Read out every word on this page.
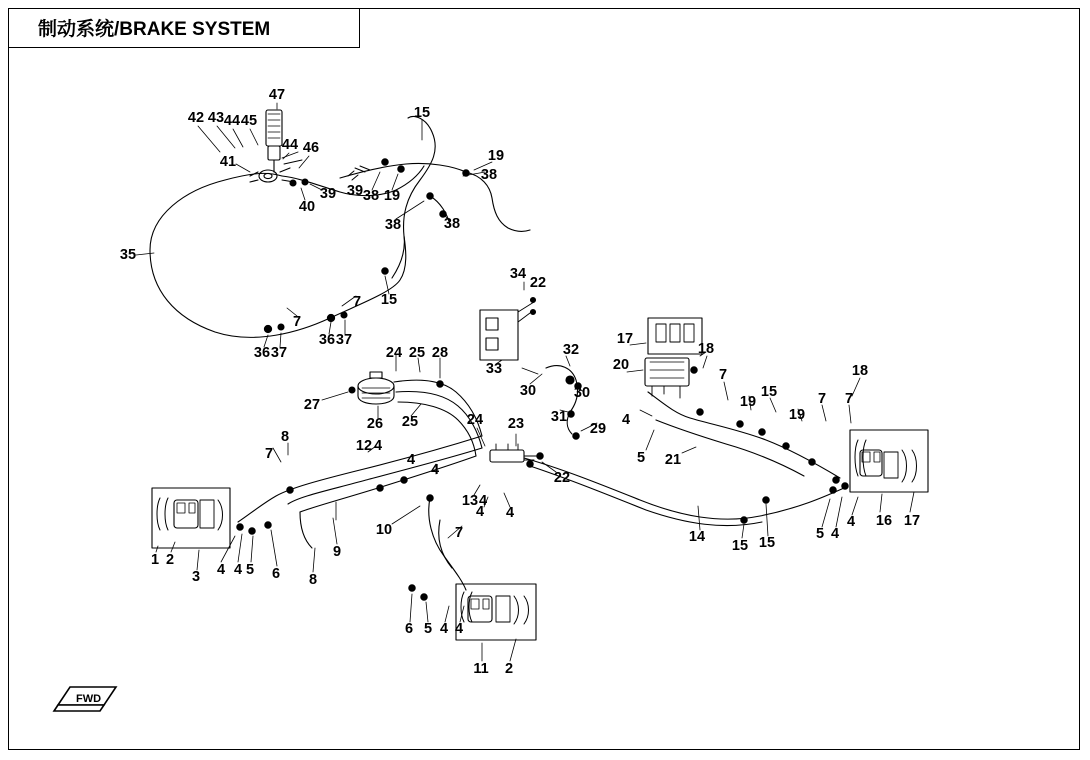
制动系统/BRAKE SYSTEM
FWD
42 43 44 45
47
44 46
41
40
39 39 38 19
15
19
38
38	38
35
15
7
7
36 37
36 37
34
22
33
30
32
30
31
29
17
20
18
7
19
15
19
7 7
18
4
5 21
14
15 15
5 4
4 16 17
24 25 28
27
26 25	24 23
22
12 4
4
4
13 4
4 4
7
8
1 2
3 4 4 5 6 8
9
10	7
6 5 4 4
11 2
